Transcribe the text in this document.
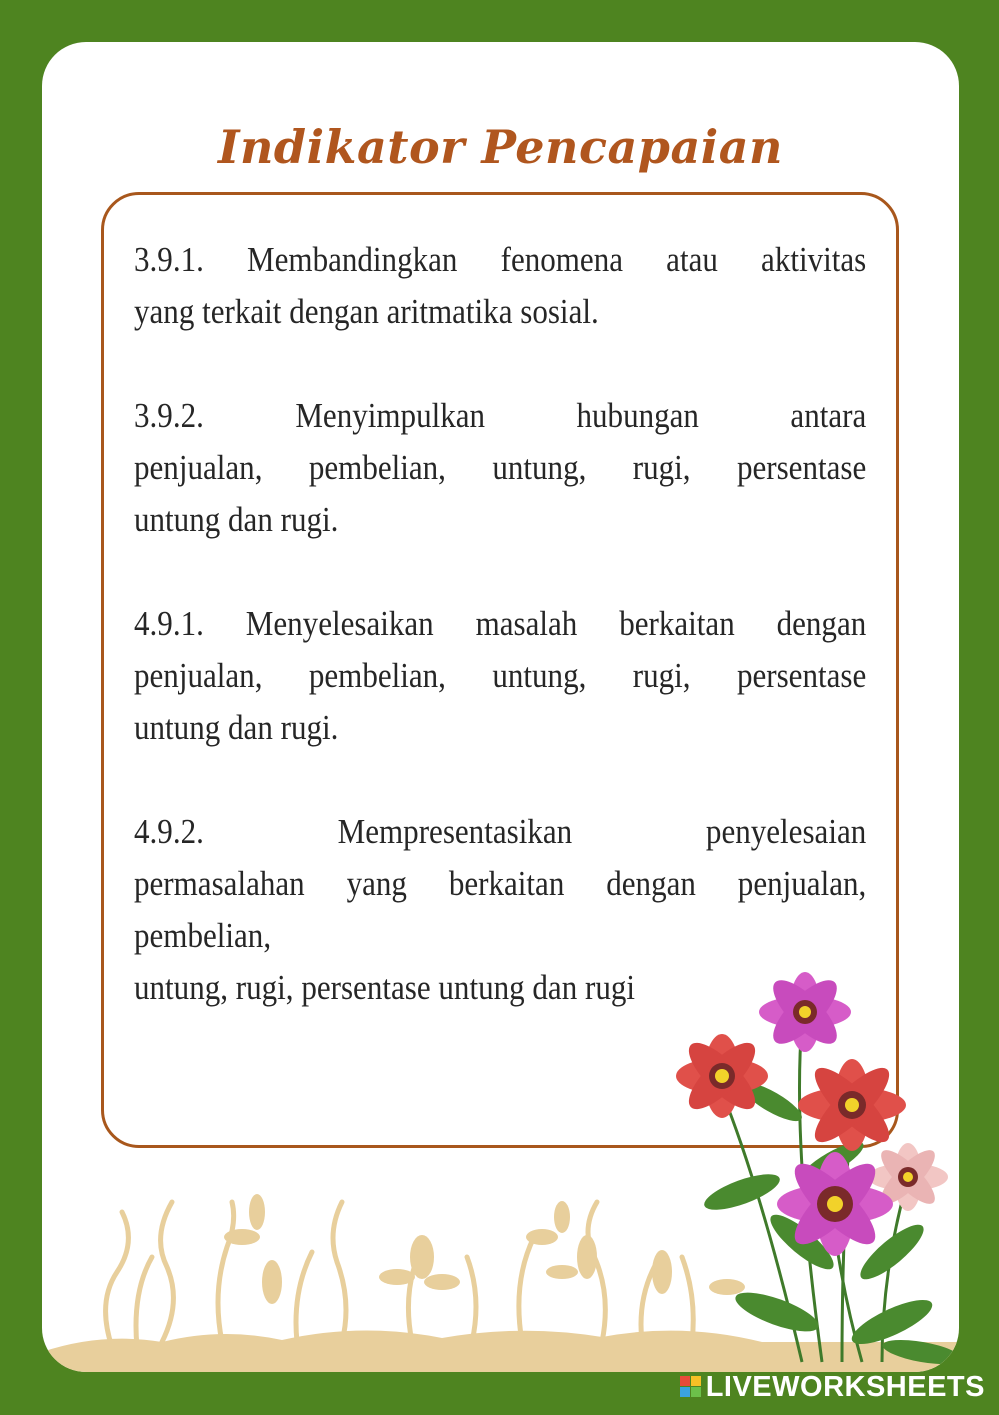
Indikator Pencapaian
3.9.1. Membandingkan fenomena atau aktivitas
yang terkait dengan aritmatika sosial.
3.9.2. Menyimpulkan hubungan antara
penjualan, pembelian, untung, rugi, persentase
untung dan rugi.
4.9.1. Menyelesaikan masalah berkaitan dengan
penjualan, pembelian, untung, rugi, persentase
untung dan rugi.
4.9.2. Mempresentasikan penyelesaian
permasalahan yang berkaitan dengan penjualan,
pembelian,
untung, rugi, persentase untung dan rugi
LIVEWORKSHEETS
